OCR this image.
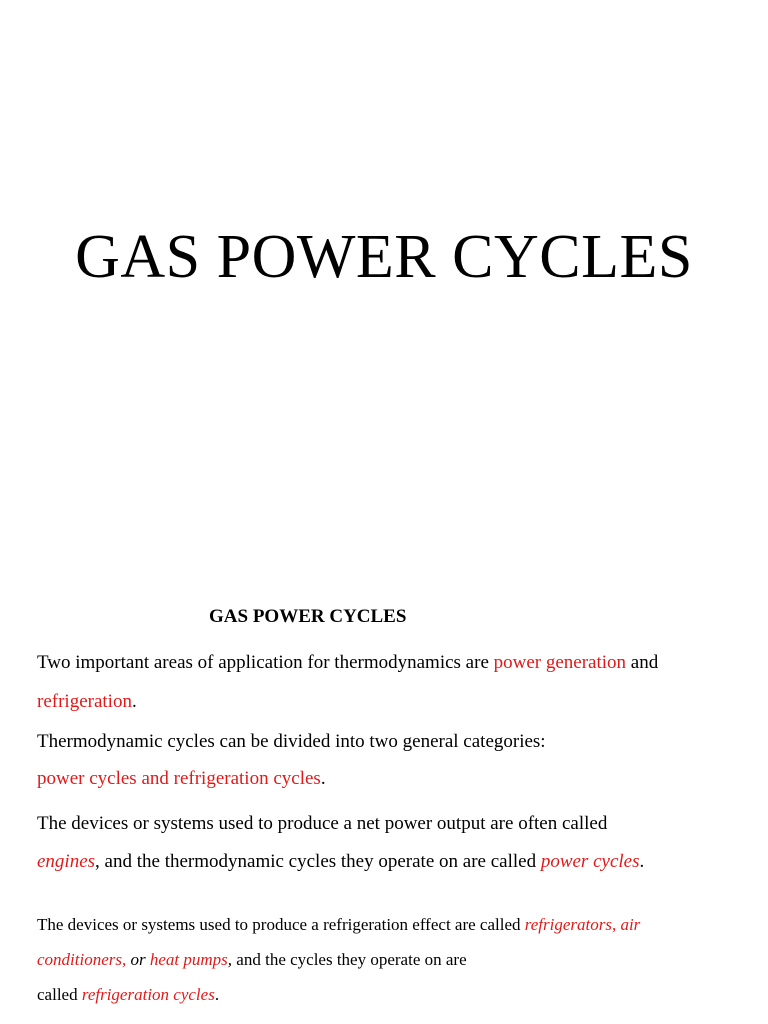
GAS POWER CYCLES
GAS POWER CYCLES
Two important areas of application for thermodynamics are power generation and
refrigeration.
Thermodynamic cycles can be divided into two general categories:
power cycles and refrigeration cycles.
The devices or systems used to produce a net power output are often called
engines, and the thermodynamic cycles they operate on are called power cycles.
The devices or systems used to produce a refrigeration effect are called refrigerators, air
conditioners, or heat pumps, and the cycles they operate on are
called refrigeration cycles.
